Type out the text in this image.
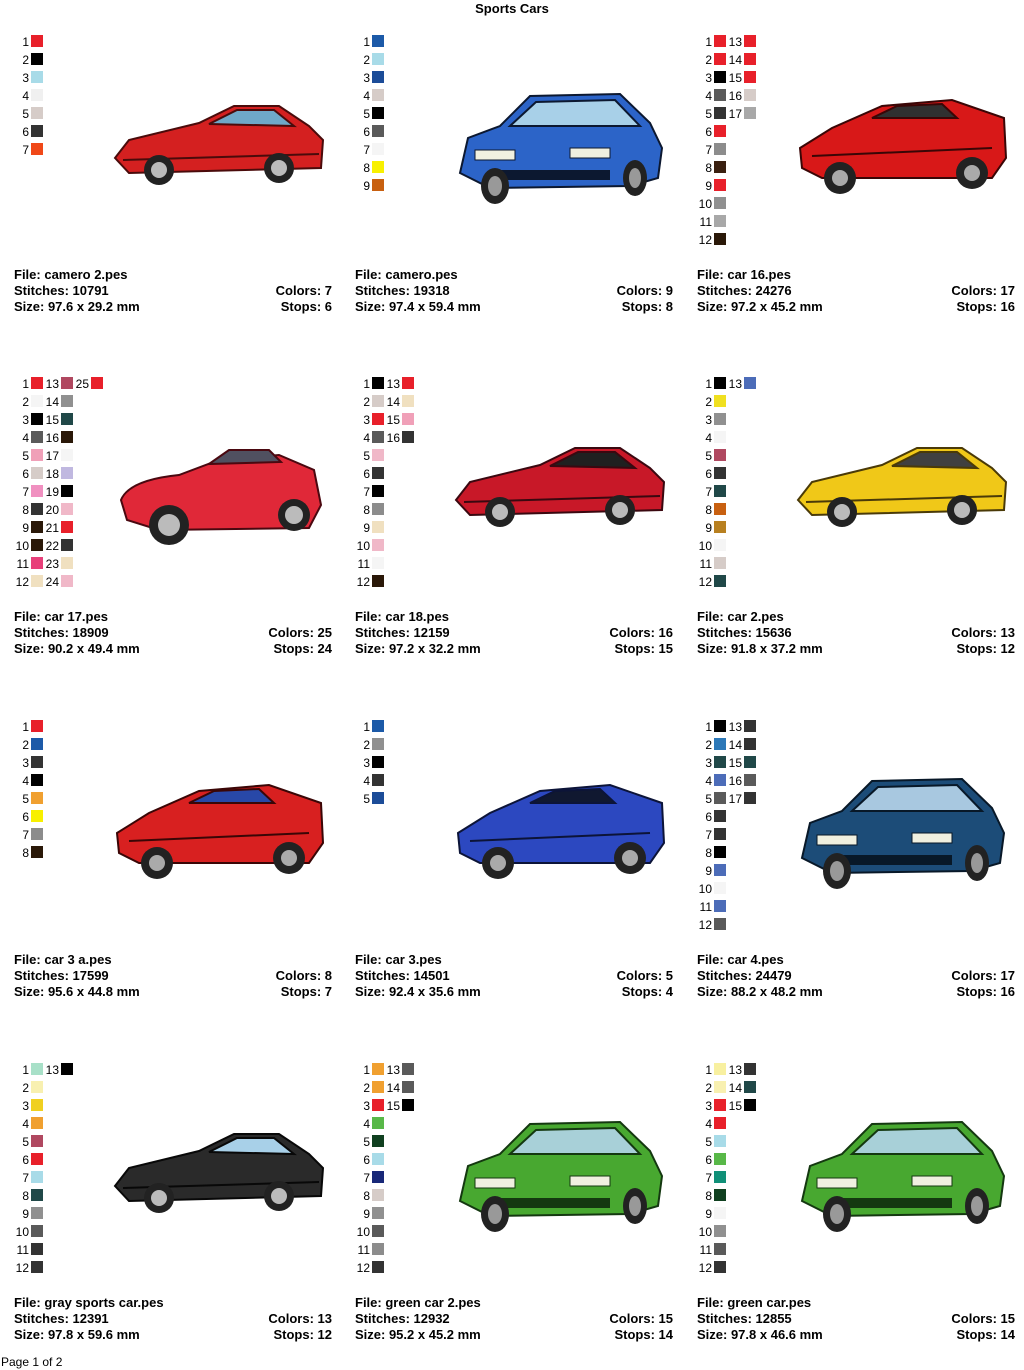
Sports Cars
1
2
3
4
5
6
7
File: camero 2.pes
Stitches: 10791	Colors: 7
Size: 97.6 x 29.2 mm	Stops: 6
1
2
3
4
5
6
7
8
9
File: camero.pes
Stitches: 19318	Colors: 9
Size: 97.4 x 59.4 mm	Stops: 8
1
2
3
4
5
6
7
8
9
10
11
12
13
14
15
16
17
File: car 16.pes
Stitches: 24276	Colors: 17
Size: 97.2 x 45.2 mm	Stops: 16
1
2
3
4
5
6
7
8
9
10
11
12
13
14
15
16
17
18
19
20
21
22
23
24
25
File: car 17.pes
Stitches: 18909	Colors: 25
Size: 90.2 x 49.4 mm	Stops: 24
1
2
3
4
5
6
7
8
9
10
11
12
13
14
15
16
File: car 18.pes
Stitches: 12159	Colors: 16
Size: 97.2 x 32.2 mm	Stops: 15
1
2
3
4
5
6
7
8
9
10
11
12
13
File: car 2.pes
Stitches: 15636	Colors: 13
Size: 91.8 x 37.2 mm	Stops: 12
1
2
3
4
5
6
7
8
File: car 3 a.pes
Stitches: 17599	Colors: 8
Size: 95.6 x 44.8 mm	Stops: 7
1
2
3
4
5
File: car 3.pes
Stitches: 14501	Colors: 5
Size: 92.4 x 35.6 mm	Stops: 4
1
2
3
4
5
6
7
8
9
10
11
12
13
14
15
16
17
File: car 4.pes
Stitches: 24479	Colors: 17
Size: 88.2 x 48.2 mm	Stops: 16
1
2
3
4
5
6
7
8
9
10
11
12
13
File: gray sports car.pes
Stitches: 12391	Colors: 13
Size: 97.8 x 59.6 mm	Stops: 12
1
2
3
4
5
6
7
8
9
10
11
12
13
14
15
File: green car 2.pes
Stitches: 12932	Colors: 15
Size: 95.2 x 45.2 mm	Stops: 14
1
2
3
4
5
6
7
8
9
10
11
12
13
14
15
File: green car.pes
Stitches: 12855	Colors: 15
Size: 97.8 x 46.6 mm	Stops: 14
Page 1 of 2
